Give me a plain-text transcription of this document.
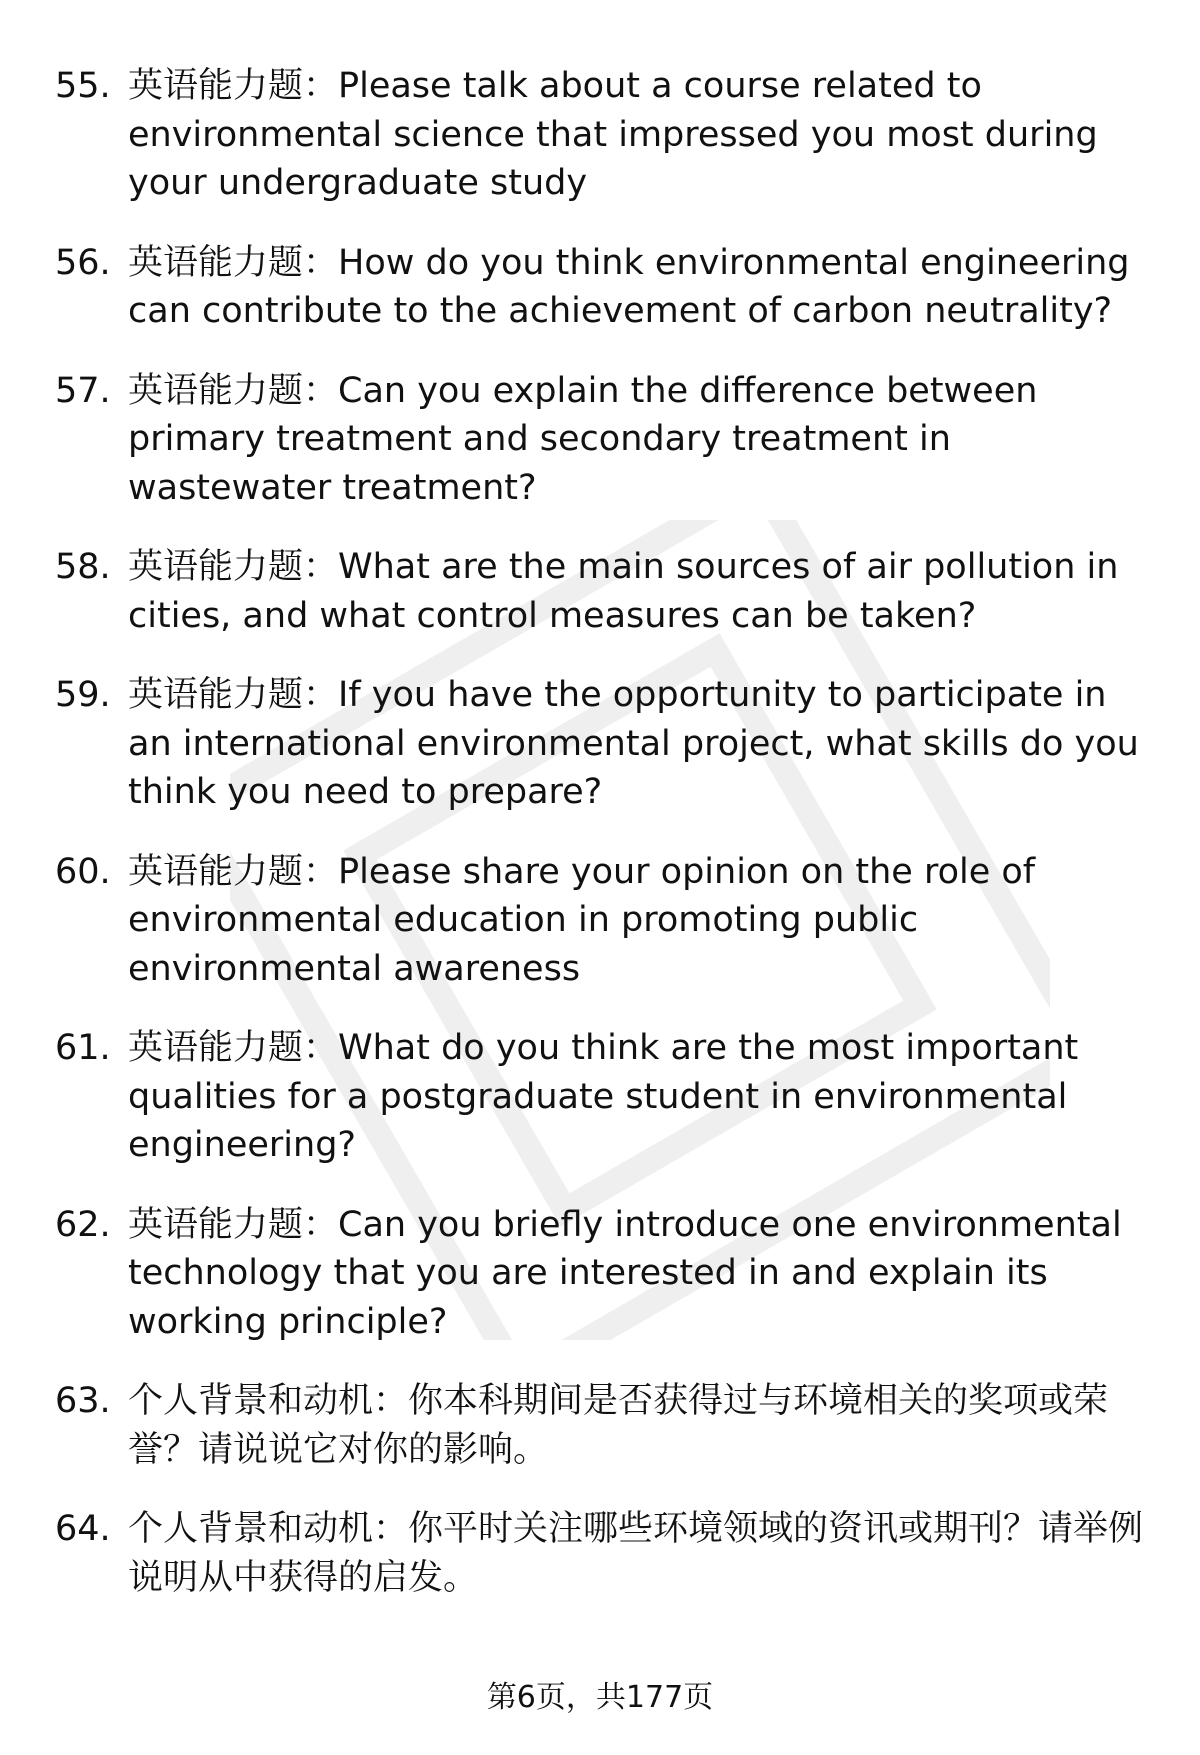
55. 英语能力题：Please talk about a course related to environmental science that impressed you most during your undergraduate study
56. 英语能力题：How do you think environmental engineering can contribute to the achievement of carbon neutrality?
57. 英语能力题：Can you explain the difference between primary treatment and secondary treatment in wastewater treatment?
58. 英语能力题：What are the main sources of air pollution in cities, and what control measures can be taken?
59. 英语能力题：If you have the opportunity to participate in an international environmental project, what skills do you think you need to prepare?
60. 英语能力题：Please share your opinion on the role of environmental education in promoting public environmental awareness
61. 英语能力题：What do you think are the most important qualities for a postgraduate student in environmental engineering?
62. 英语能力题：Can you briefly introduce one environmental technology that you are interested in and explain its working principle?
63. 个人背景和动机：你本科期间是否获得过与环境相关的奖项或荣誉？请说说它对你的影响。
64. 个人背景和动机：你平时关注哪些环境领域的资讯或期刊？请举例说明从中获得的启发。
第6页，共177页
